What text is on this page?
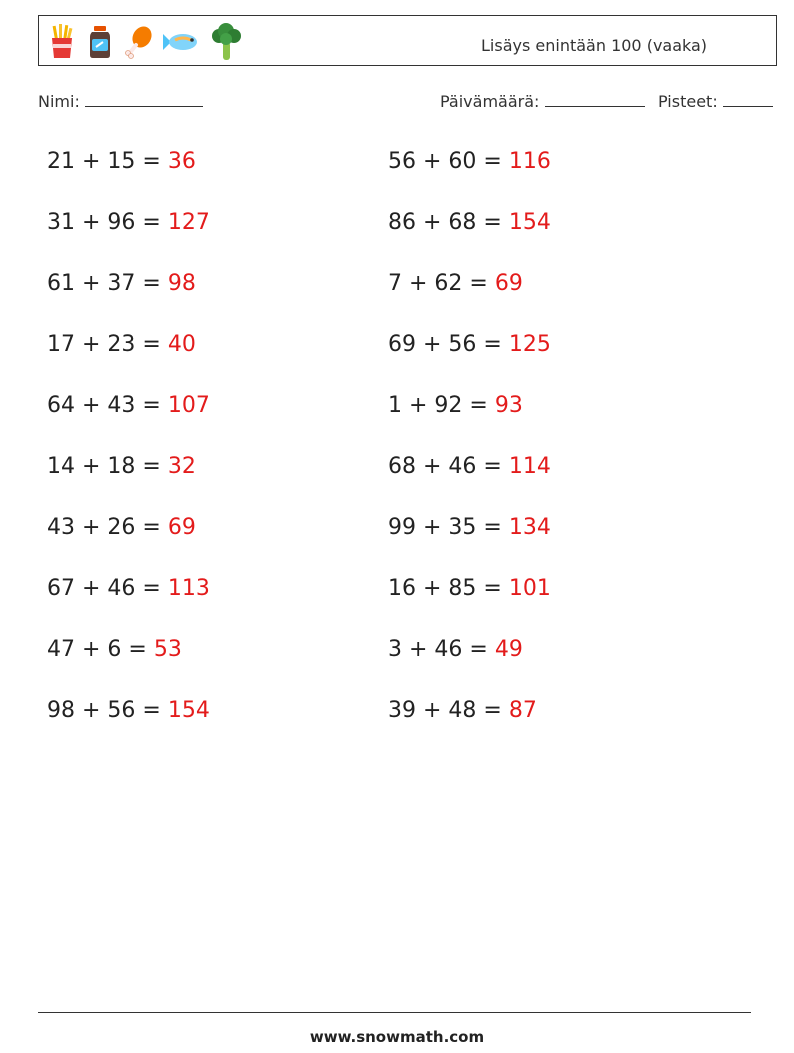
Lisäys enintään 100 (vaaka)
Nimi:	Päivämäärä:	Pisteet:
21 + 15 = 36
31 + 96 = 127
61 + 37 = 98
17 + 23 = 40
64 + 43 = 107
14 + 18 = 32
43 + 26 = 69
67 + 46 = 113
47 + 6 = 53
98 + 56 = 154
56 + 60 = 116
86 + 68 = 154
7 + 62 = 69
69 + 56 = 125
1 + 92 = 93
68 + 46 = 114
99 + 35 = 134
16 + 85 = 101
3 + 46 = 49
39 + 48 = 87
www.snowmath.com
